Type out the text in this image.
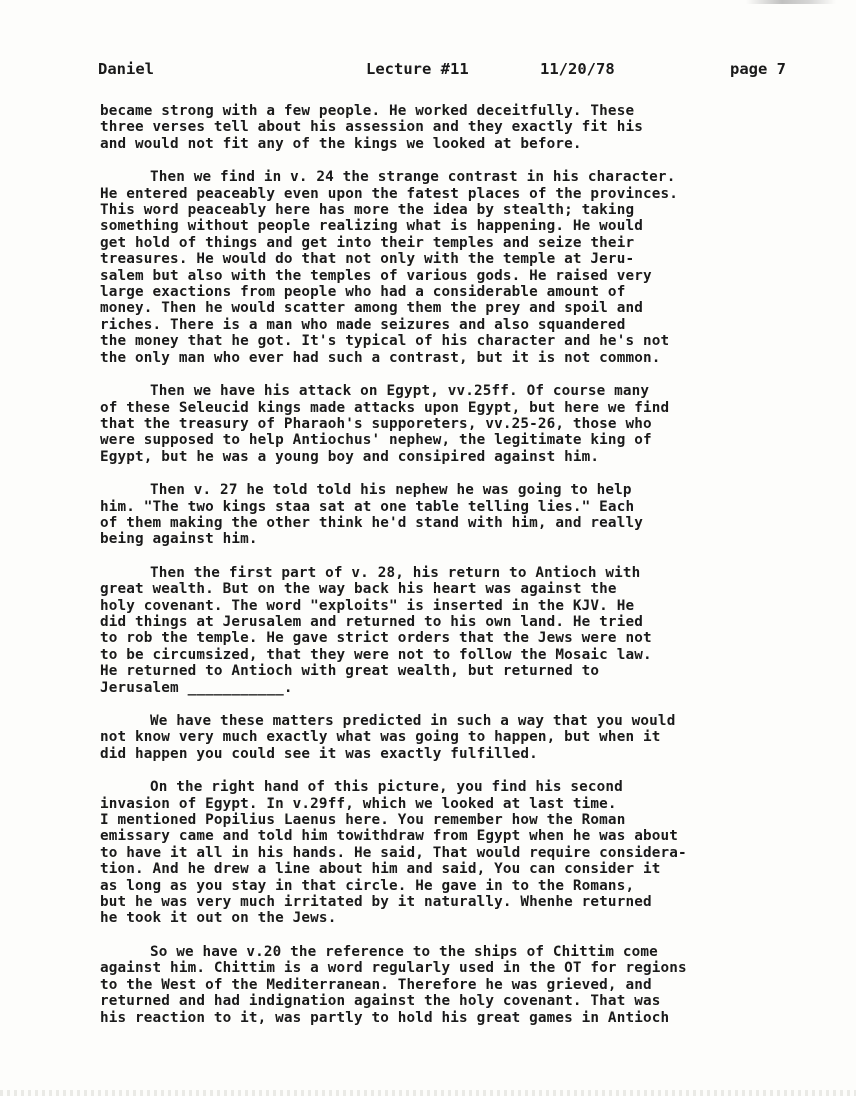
Daniel	Lecture #11	11/20/78	page 7
became strong with a few people. He worked deceitfully. These
three verses tell about his assession and they exactly fit his
and would not fit any of the kings we looked at before.
Then we find in v. 24 the strange contrast in his character.
He entered peaceably even upon the fatest places of the provinces.
This word peaceably here has more the idea by stealth; taking
something without people realizing what is happening. He would
get hold of things and get into their temples and seize their
treasures. He would do that not only with the temple at Jeru-
salem but also with the temples of various gods. He raised very
large exactions from people who had a considerable amount of
money. Then he would scatter among them the prey and spoil and
riches. There is a man who made seizures and also squandered
the money that he got. It's typical of his character and he's not
the only man who ever had such a contrast, but it is not common.
Then we have his attack on Egypt, vv.25ff. Of course many
of these Seleucid kings made attacks upon Egypt, but here we find
that the treasury of Pharaoh's supporeters, vv.25-26, those who
were supposed to help Antiochus' nephew, the legitimate king of
Egypt, but he was a young boy and consipired against him.
Then v. 27 he told told his nephew he was going to help
him. "The two kings staa sat at one table telling lies." Each
of them making the other think he'd stand with him, and really
being against him.
Then the first part of v. 28, his return to Antioch with
great wealth. But on the way back his heart was against the
holy covenant. The word "exploits" is inserted in the KJV. He
did things at Jerusalem and returned to his own land. He tried
to rob the temple. He gave strict orders that the Jews were not
to be circumsized, that they were not to follow the Mosaic law.
He returned to Antioch with great wealth, but returned to
Jerusalem ___________.
We have these matters predicted in such a way that you would
not know very much exactly what was going to happen, but when it
did happen you could see it was exactly fulfilled.
On the right hand of this picture, you find his second
invasion of Egypt. In v.29ff, which we looked at last time.
I mentioned Popilius Laenus here. You remember how the Roman
emissary came and told him towithdraw from Egypt when he was about
to have it all in his hands. He said, That would require considera-
tion. And he drew a line about him and said, You can consider it
as long as you stay in that circle. He gave in to the Romans,
but he was very much irritated by it naturally. Whenhe returned
he took it out on the Jews.
So we have v.20 the reference to the ships of Chittim come
against him. Chittim is a word regularly used in the OT for regions
to the West of the Mediterranean. Therefore he was grieved, and
returned and had indignation against the holy covenant. That was
his reaction to it, was partly to hold his great games in Antioch
